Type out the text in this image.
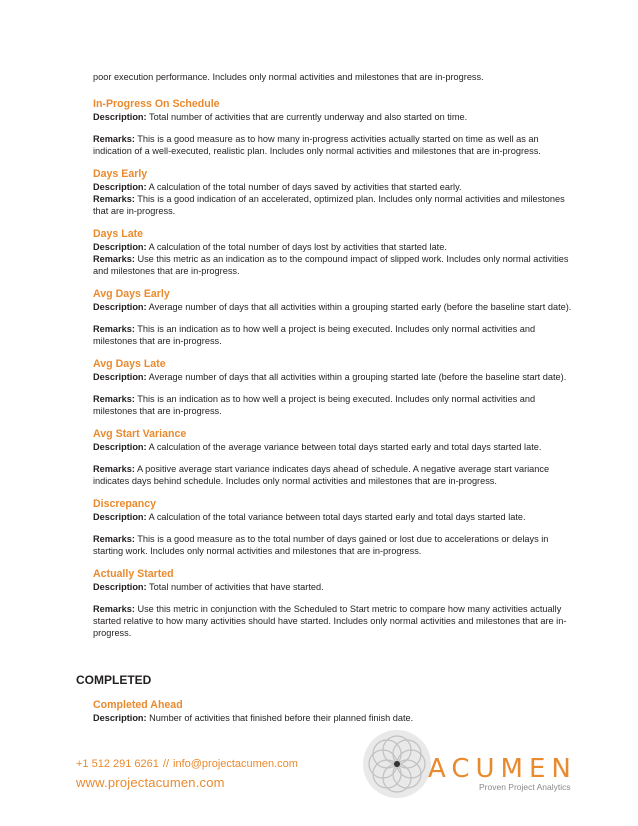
poor execution performance. Includes only normal activities and milestones that are in-progress.

In-Progress On Schedule

Description: Total number of activities that are currently underway and also started on time.

Remarks: This is a good measure as to how many in-progress activities actually started on time as well as an indication of a well-executed, realistic plan. Includes only normal activities and milestones that are in-progress.

Days Early

Description: A calculation of the total number of days saved by activities that started early.

Remarks: This is a good indication of an accelerated, optimized plan. Includes only normal activities and milestones that are in-progress.

Days Late

Description: A calculation of the total number of days lost by activities that started late.

Remarks: Use this metric as an indication as to the compound impact of slipped work. Includes only normal activities and milestones that are in-progress.

Avg Days Early

Description: Average number of days that all activities within a grouping started early (before the baseline start date).

Remarks: This is an indication as to how well a project is being executed. Includes only normal activities and milestones that are in-progress.

Avg Days Late

Description: Average number of days that all activities within a grouping started late (before the baseline start date).

Remarks: This is an indication as to how well a project is being executed. Includes only normal activities and milestones that are in-progress.

Avg Start Variance

Description: A calculation of the average variance between total days started early and total days started late.

Remarks: A positive average start variance indicates days ahead of schedule. A negative average start variance indicates days behind schedule. Includes only normal activities and milestones that are in-progress.

Discrepancy

Description: A calculation of the total variance between total days started early and total days started late.

Remarks: This is a good measure as to the total number of days gained or lost due to accelerations or delays in starting work. Includes only normal activities and milestones that are in-progress.

Actually Started

Description: Total number of activities that have started.

Remarks: Use this metric in conjunction with the Scheduled to Start metric to compare how many activities actually started relative to how many activities should have started. Includes only normal activities and milestones that are in-progress.

COMPLETED

Completed Ahead

Description: Number of activities that finished before their planned finish date.

+1 512 291 6261 // info@projectacumen.com
www.projectacumen.com	ACUMEN
Proven Project Analytics
